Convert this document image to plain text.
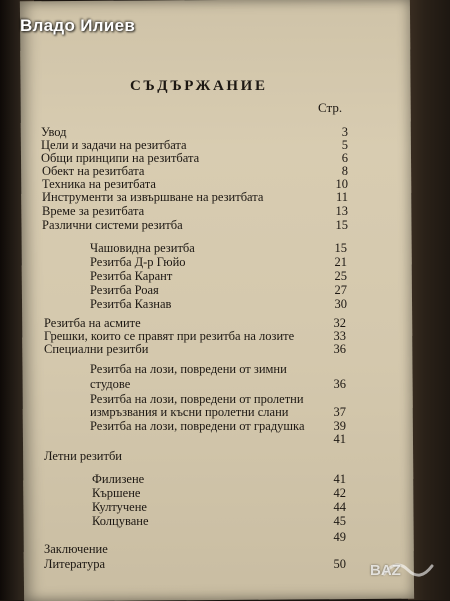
Владо Илиев
СЪДЪРЖАНИЕ
Стр.
Увод
Цели и задачи на резитбата
Общи принципи на резитбата
Обект на резитбата
Техника на резитбата
Инструменти за извършване на резитбата
Време за резитбата
Различни системи резитба
Чашовидна резитба
Резитба Д-р Гюйо
Резитба Карант
Резитба Роая
Резитба Казнав
Резитба на асмите
Грешки, които се правят при резитба на лозите
Специални резитби
Резитба на лози, повредени от зимни
студове
Резитба на лози, повредени от пролетни
измръзвания и късни пролетни слани
Резитба на лози, повредени от градушка
Летни резитби
Филизене
Кършене
Култучене
Колцуване
Заключение
Литература
3
5
6
8
10
11
13
15
15
21
25
27
30
32
33
36
36
37
39
41
41
42
44
45
49
50 BAZ
